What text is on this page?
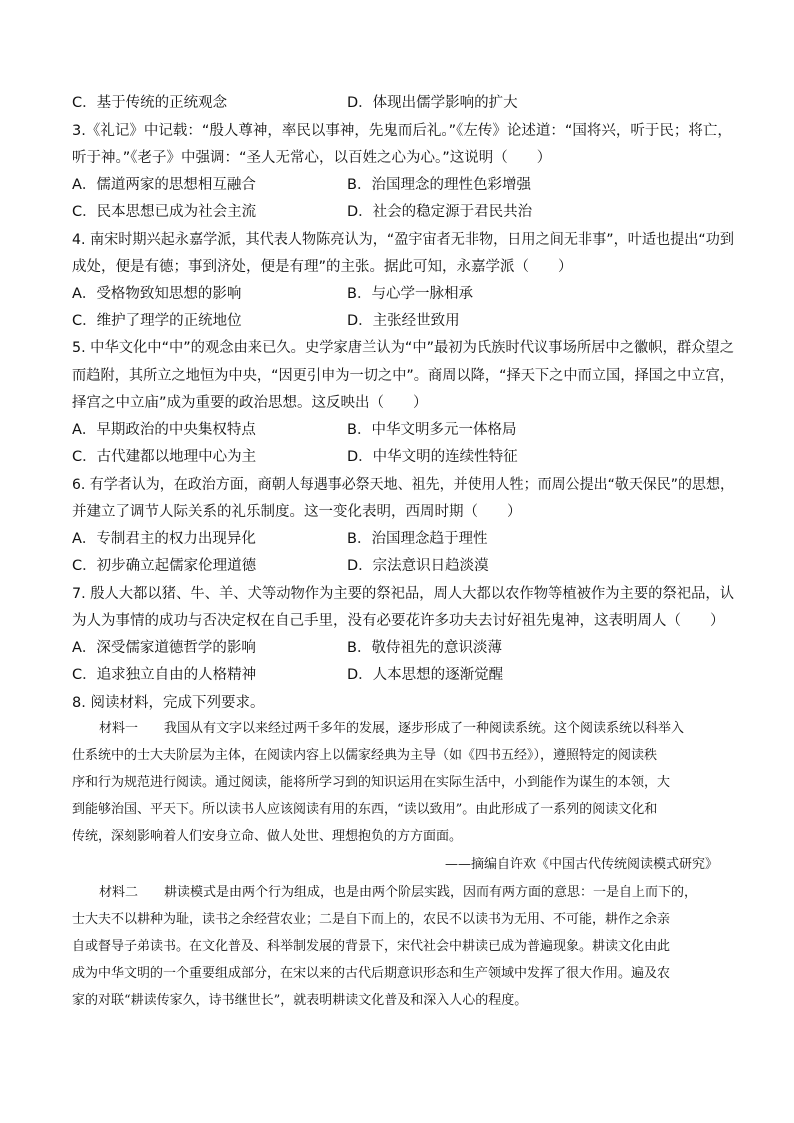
C．基于传统的正统观念	D．体现出儒学影响的扩大
3.《礼记》中记载：“殷人尊神，率民以事神，先鬼而后礼。”《左传》论述道：“国将兴，听于民；将亡，
听于神。”《老子》中强调：“圣人无常心，以百姓之心为心。”这说明（　　）
A．儒道两家的思想相互融合	B．治国理念的理性色彩增强
C．民本思想已成为社会主流	D．社会的稳定源于君民共治
4. 南宋时期兴起永嘉学派，其代表人物陈亮认为，“盈宇宙者无非物，日用之间无非事”，叶适也提出“功到
成处，便是有德；事到济处，便是有理”的主张。据此可知，永嘉学派（　　）
A．受格物致知思想的影响	B．与心学一脉相承
C．维护了理学的正统地位	D．主张经世致用
5. 中华文化中“中”的观念由来已久。史学家唐兰认为“中”最初为氏族时代议事场所居中之徽帜，群众望之
而趋附，其所立之地恒为中央，“因更引申为一切之中”。商周以降，“择天下之中而立国，择国之中立宫，
择宫之中立庙”成为重要的政治思想。这反映出（　　）
A．早期政治的中央集权特点	B．中华文明多元一体格局
C．古代建都以地理中心为主	D．中华文明的连续性特征
6. 有学者认为，在政治方面，商朝人每遇事必祭天地、祖先，并使用人牲；而周公提出“敬天保民”的思想，
并建立了调节人际关系的礼乐制度。这一变化表明，西周时期（　　）
A．专制君主的权力出现异化	B．治国理念趋于理性
C．初步确立起儒家伦理道德	D．宗法意识日趋淡漠
7. 殷人大都以猪、牛、羊、犬等动物作为主要的祭祀品，周人大都以农作物等植被作为主要的祭祀品，认
为人为事情的成功与否决定权在自己手里，没有必要花许多功夫去讨好祖先鬼神，这表明周人（　　）
A．深受儒家道德哲学的影响	B．敬侍祖先的意识淡薄
C．追求独立自由的人格精神	D．人本思想的逐渐觉醒
8. 阅读材料，完成下列要求。
材料一　　我国从有文字以来经过两千多年的发展，逐步形成了一种阅读系统。这个阅读系统以科举入
仕系统中的士大夫阶层为主体，在阅读内容上以儒家经典为主导（如《四书五经》），遵照特定的阅读秩
序和行为规范进行阅读。通过阅读，能将所学习到的知识运用在实际生活中，小到能作为谋生的本领，大
到能够治国、平天下。所以读书人应该阅读有用的东西，“读以致用”。由此形成了一系列的阅读文化和
传统，深刻影响着人们安身立命、做人处世、理想抱负的方方面面。
——摘编自许欢《中国古代传统阅读模式研究》
材料二　　耕读模式是由两个行为组成，也是由两个阶层实践，因而有两方面的意思：一是自上而下的，
士大夫不以耕种为耻，读书之余经营农业；二是自下而上的，农民不以读书为无用、不可能，耕作之余亲
自或督导子弟读书。在文化普及、科举制发展的背景下，宋代社会中耕读已成为普遍现象。耕读文化由此
成为中华文明的一个重要组成部分，在宋以来的古代后期意识形态和生产领域中发挥了很大作用。遍及农
家的对联“耕读传家久，诗书继世长”，就表明耕读文化普及和深入人心的程度。
